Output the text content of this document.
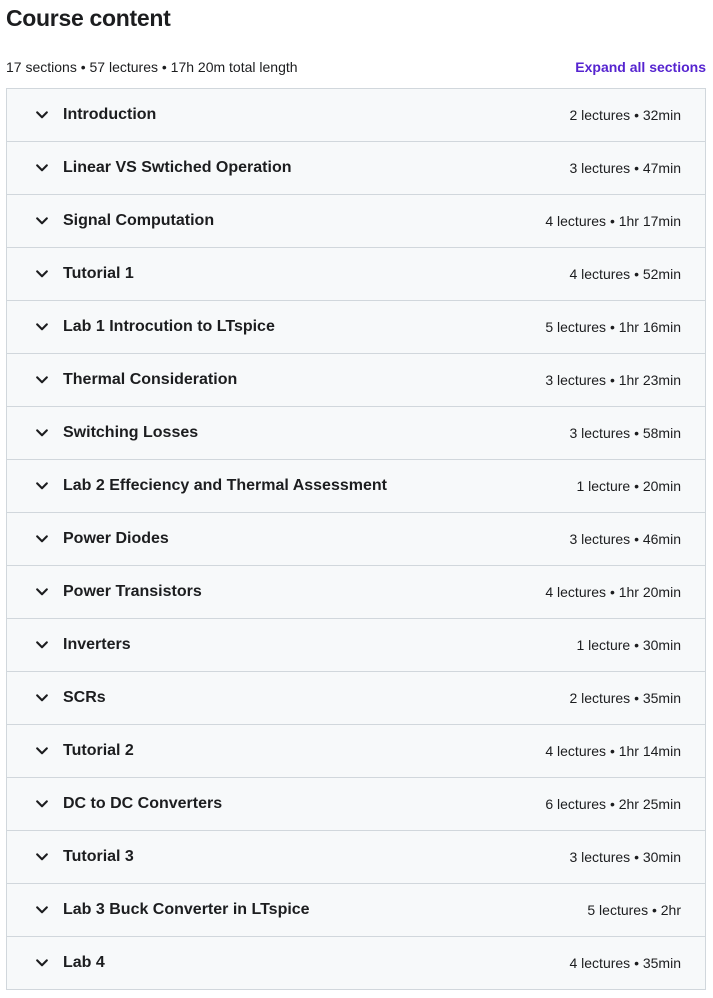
Course content
17 sections • 57 lectures • 17h 20m total length	Expand all sections
Introduction	2 lectures • 32min
Linear VS Swtiched Operation	3 lectures • 47min
Signal Computation	4 lectures • 1hr 17min
Tutorial 1	4 lectures • 52min
Lab 1 Introcution to LTspice	5 lectures • 1hr 16min
Thermal Consideration	3 lectures • 1hr 23min
Switching Losses	3 lectures • 58min
Lab 2 Effeciency and Thermal Assessment	1 lecture • 20min
Power Diodes	3 lectures • 46min
Power Transistors	4 lectures • 1hr 20min
Inverters	1 lecture • 30min
SCRs	2 lectures • 35min
Tutorial 2	4 lectures • 1hr 14min
DC to DC Converters	6 lectures • 2hr 25min
Tutorial 3	3 lectures • 30min
Lab 3 Buck Converter in LTspice	5 lectures • 2hr
Lab 4	4 lectures • 35min
